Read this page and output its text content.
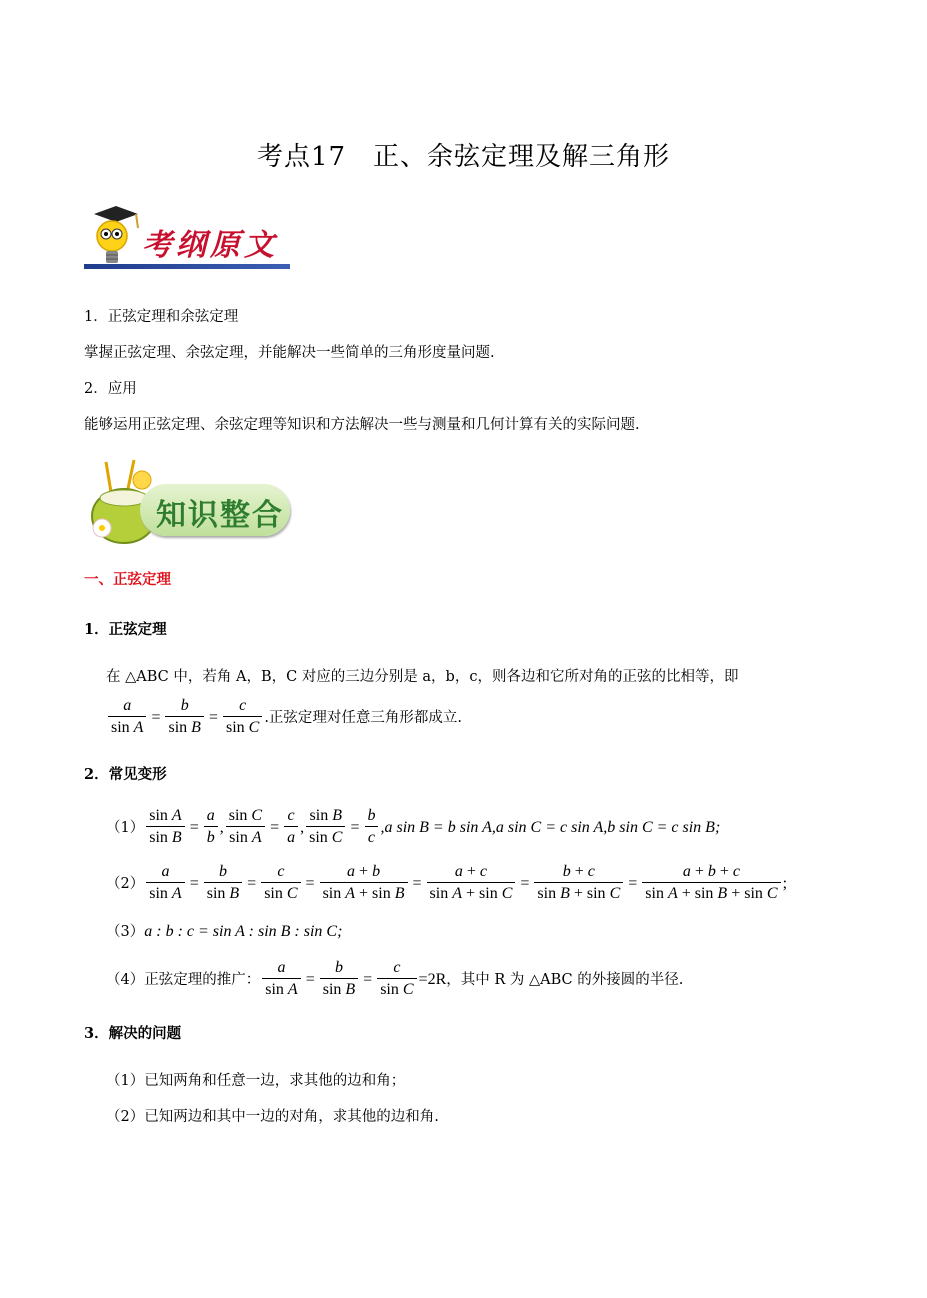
考点17　正、余弦定理及解三角形
考纲原文
1．正弦定理和余弦定理
掌握正弦定理、余弦定理，并能解决一些简单的三角形度量问题.
2．应用
能够运用正弦定理、余弦定理等知识和方法解决一些与测量和几何计算有关的实际问题.
知识整合
一、正弦定理
1．正弦定理
在 △ABC 中，若角 A，B，C 对应的三边分别是 a，b，c，则各边和它所对角的正弦的比相等，即
$\frac{a}{\text{sin A}} = \frac{b}{\text{sin B}} = \frac{c}{\text{sin C}}$ .正弦定理对任意三角形都成立.
2．常见变形
$(1) \frac{\text{sin A}}{\text{sin B}} = \frac{a}{b}$ , $\frac{\text{sin C}}{\text{sin A}} = \frac{c}{a}$ , $\frac{\text{sin B}}{\text{sin C}} = \frac{b}{c} ,a$ sin B = b sin A,a sin C = c sin A,b sin C = c sin B;
$(2) \frac{a}{\text{sin A}} = \frac{b}{\text{sin B}} = \frac{c}{\text{sin C}} = \frac{a + b}{\text{sin A + sin B}} = \frac{a + c}{\text{sin A + sin C}} = \frac{b + c}{\text{sin B + sin C}} = \frac{a + b + c}{\text{sin A + sin B + sin C}}$ ;
（3） a : b : c = sin A : sin B : sin C;
（4） 正弦定理的推广： $\frac{a}{\text{sin A}} = \frac{b}{\text{sin B}} = \frac{c}{\text{sin C}} =2R$ ，其中 R 为 △ABC 的外接圆的半径.
3．解决的问题
（1）已知两角和任意一边，求其他的边和角；
（2）已知两边和其中一边的对角，求其他的边和角.
